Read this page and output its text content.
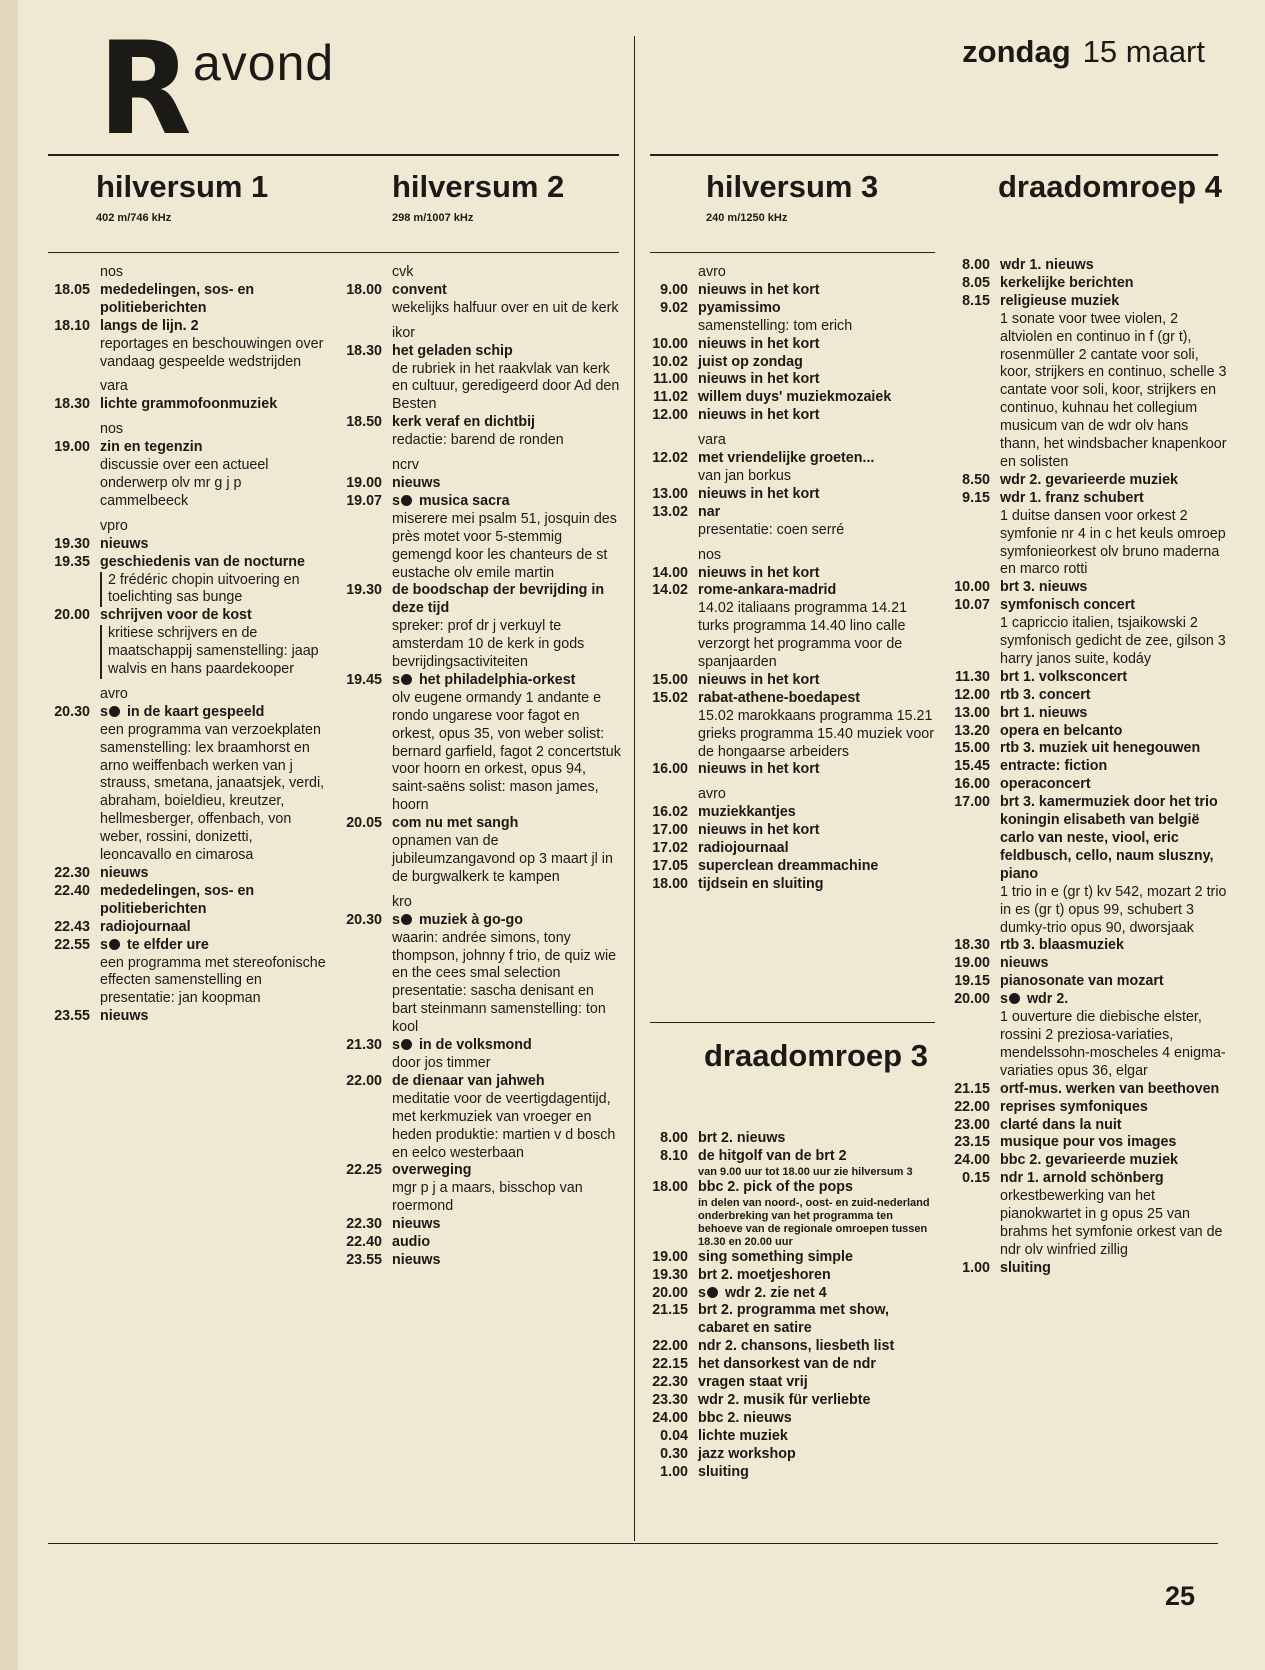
R avond	zondag 15 maart
hilversum 1
402 m/746 kHz
hilversum 2
298 m/1007 kHz
hilversum 3
240 m/1250 kHz
draadomroep 4
draadomroep 3
nos
18.05 mededelingen, sos- en politieberichten
18.10 langs de lijn. 2
reportages en beschouwingen over vandaag gespeelde wedstrijden
vara
18.30 lichte grammofoonmuziek
nos
19.00 zin en tegenzin
discussie over een actueel onderwerp olv mr g j p cammelbeeck
vpro
19.30 nieuws
19.35 geschiedenis van de nocturne
2 frédéric chopin uitvoering en toelichting sas bunge
20.00 schrijven voor de kost
kritiese schrijvers en de maatschappij samenstelling: jaap walvis en hans paardekooper
avro
20.30 s in de kaart gespeeld
een programma van verzoekplaten samenstelling: lex braamhorst en arno weiffenbach werken van j strauss, smetana, janaatsjek, verdi, abraham, boieldieu, kreutzer, hellmesberger, offenbach, von weber, rossini, donizetti, leoncavallo en cimarosa
22.30 nieuws
22.40 mededelingen, sos- en politieberichten
22.43 radiojournaal
22.55 s te elfder ure
een programma met stereofonische effecten samenstelling en presentatie: jan koopman
23.55 nieuws
cvk
18.00 convent
wekelijks halfuur over en uit de kerk
ikor
18.30 het geladen schip
de rubriek in het raakvlak van kerk en cultuur, geredigeerd door Ad den Besten
18.50 kerk veraf en dichtbij
redactie: barend de ronden
ncrv
19.00 nieuws
19.07 s musica sacra
miserere mei psalm 51, josquin des près motet voor 5-stemmig gemengd koor les chanteurs de st eustache olv emile martin
19.30 de boodschap der bevrijding in deze tijd
spreker: prof dr j verkuyl te amsterdam 10 de kerk in gods bevrijdingsactiviteiten
19.45 s het philadelphia-orkest
olv eugene ormandy 1 andante e rondo ungarese voor fagot en orkest, opus 35, von weber solist: bernard garfield, fagot 2 concertstuk voor hoorn en orkest, opus 94, saint-saëns solist: mason james, hoorn
20.05 com nu met sangh
opnamen van de jubileumzangavond op 3 maart jl in de burgwalkerk te kampen
kro
20.30 s muziek à go-go
waarin: andrée simons, tony thompson, johnny f trio, de quiz wie en the cees smal selection presentatie: sascha denisant en bart steinmann samenstelling: ton kool
21.30 s in de volksmond
door jos timmer
22.00 de dienaar van jahweh
meditatie voor de veertigdagentijd, met kerkmuziek van vroeger en heden produktie: martien v d bosch en eelco westerbaan
22.25 overweging
mgr p j a maars, bisschop van roermond
22.30 nieuws
22.40 audio
23.55 nieuws
avro
9.00 nieuws in het kort
9.02 pyamissimo
samenstelling: tom erich
10.00 nieuws in het kort
10.02 juist op zondag
11.00 nieuws in het kort
11.02 willem duys' muziekmozaiek
12.00 nieuws in het kort
vara
12.02 met vriendelijke groeten...
van jan borkus
13.00 nieuws in het kort
13.02 nar
presentatie: coen serré
nos
14.00 nieuws in het kort
14.02 rome-ankara-madrid
14.02 italiaans programma 14.21 turks programma 14.40 lino calle verzorgt het programma voor de spanjaarden
15.00 nieuws in het kort
15.02 rabat-athene-boedapest
15.02 marokkaans programma 15.21 grieks programma 15.40 muziek voor de hongaarse arbeiders
16.00 nieuws in het kort
avro
16.02 muziekkantjes
17.00 nieuws in het kort
17.02 radiojournaal
17.05 superclean dreammachine
18.00 tijdsein en sluiting
8.00 brt 2. nieuws
8.10 de hitgolf van de brt 2
van 9.00 uur tot 18.00 uur zie hilversum 3
18.00 bbc 2. pick of the pops
in delen van noord-, oost- en zuid-nederland onderbreking van het programma ten behoeve van de regionale omroepen tussen 18.30 en 20.00 uur
19.00 sing something simple
19.30 brt 2. moetjeshoren
20.00 s wdr 2. zie net 4
21.15 brt 2. programma met show, cabaret en satire
22.00 ndr 2. chansons, liesbeth list
22.15 het dansorkest van de ndr
22.30 vragen staat vrij
23.30 wdr 2. musik für verliebte
24.00 bbc 2. nieuws
0.04 lichte muziek
0.30 jazz workshop
1.00 sluiting
8.00 wdr 1. nieuws
8.05 kerkelijke berichten
8.15 religieuse muziek
1 sonate voor twee violen, 2 altviolen en continuo in f (gr t), rosenmüller 2 cantate voor soli, koor, strijkers en continuo, schelle 3 cantate voor soli, koor, strijkers en continuo, kuhnau het collegium musicum van de wdr olv hans thann, het windsbacher knapenkoor en solisten
8.50 wdr 2. gevarieerde muziek
9.15 wdr 1. franz schubert
1 duitse dansen voor orkest 2 symfonie nr 4 in c het keuls omroep symfonieorkest olv bruno maderna en marco rotti
10.00 brt 3. nieuws
10.07 symfonisch concert
1 capriccio italien, tsjaikowski 2 symfonisch gedicht de zee, gilson 3 harry janos suite, kodáy
11.30 brt 1. volksconcert
12.00 rtb 3. concert
13.00 brt 1. nieuws
13.20 opera en belcanto
15.00 rtb 3. muziek uit henegouwen
15.45 entracte: fiction
16.00 operaconcert
17.00 brt 3. kamermuziek door het trio koningin elisabeth van belgië carlo van neste, viool, eric feldbusch, cello, naum sluszny, piano
1 trio in e (gr t) kv 542, mozart 2 trio in es (gr t) opus 99, schubert 3 dumky-trio opus 90, dworsjaak
18.30 rtb 3. blaasmuziek
19.00 nieuws
19.15 pianosonate van mozart
20.00 s wdr 2.
1 ouverture die diebische elster, rossini 2 preziosa-variaties, mendelssohn-moscheles 4 enigma-variaties opus 36, elgar
21.15 ortf-mus. werken van beethoven
22.00 reprises symfoniques
23.00 clarté dans la nuit
23.15 musique pour vos images
24.00 bbc 2. gevarieerde muziek
0.15 ndr 1. arnold schönberg
orkestbewerking van het pianokwartet in g opus 25 van brahms het symfonie orkest van de ndr olv winfried zillig
1.00 sluiting
25
